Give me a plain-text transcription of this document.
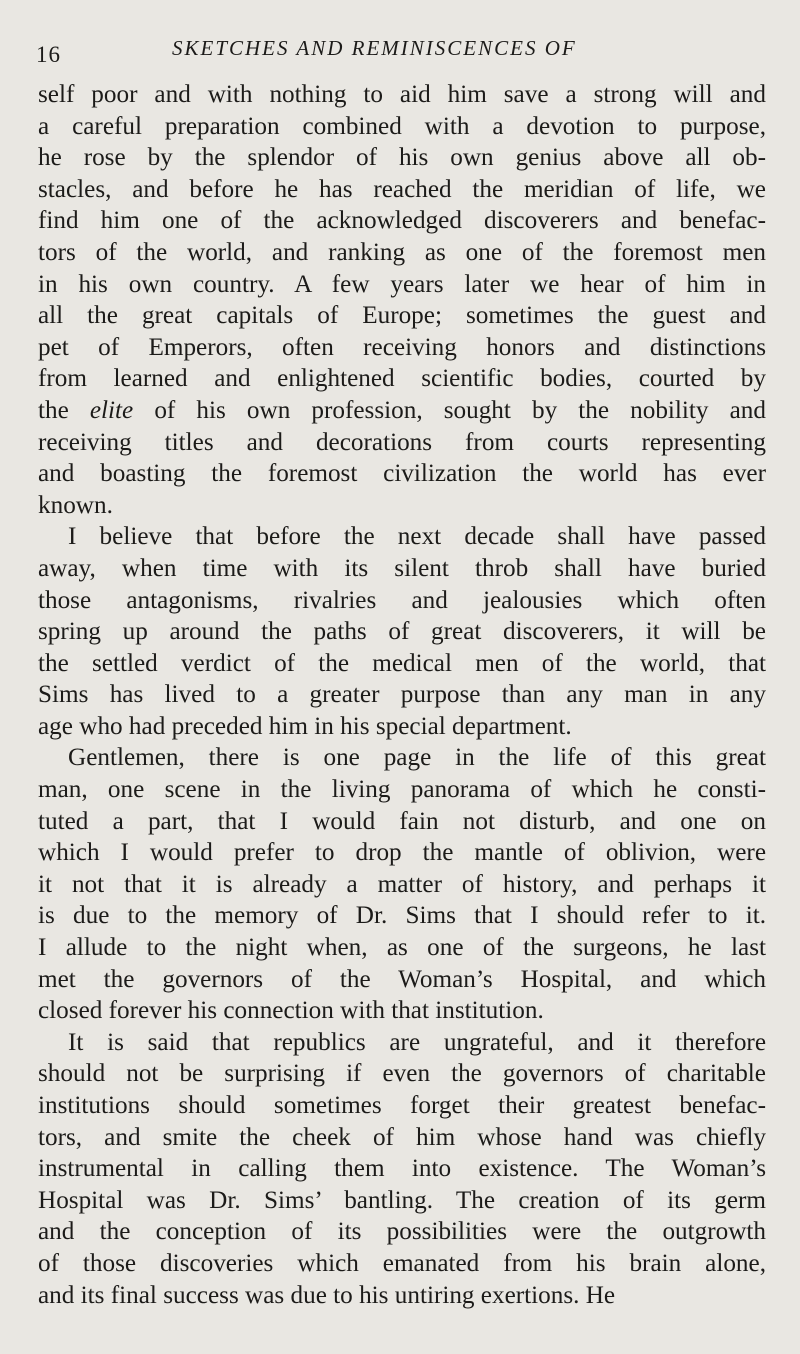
16	SKETCHES AND REMINISCENCES OF
self poor and with nothing to aid him save a strong will and
a careful preparation combined with a devotion to purpose,
he rose by the splendor of his own genius above all ob-
stacles, and before he has reached the meridian of life, we
find him one of the acknowledged discoverers and benefac-
tors of the world, and ranking as one of the foremost men
in his own country. A few years later we hear of him in
all the great capitals of Europe; sometimes the guest and
pet of Emperors, often receiving honors and distinctions
from learned and enlightened scientific bodies, courted by
the elite of his own profession, sought by the nobility and
receiving titles and decorations from courts representing
and boasting the foremost civilization the world has ever
known.
I believe that before the next decade shall have passed
away, when time with its silent throb shall have buried
those antagonisms, rivalries and jealousies which often
spring up around the paths of great discoverers, it will be
the settled verdict of the medical men of the world, that
Sims has lived to a greater purpose than any man in any
age who had preceded him in his special department.
Gentlemen, there is one page in the life of this great
man, one scene in the living panorama of which he consti-
tuted a part, that I would fain not disturb, and one on
which I would prefer to drop the mantle of oblivion, were
it not that it is already a matter of history, and perhaps it
is due to the memory of Dr. Sims that I should refer to it.
I allude to the night when, as one of the surgeons, he last
met the governors of the Woman’s Hospital, and which
closed forever his connection with that institution.
It is said that republics are ungrateful, and it therefore
should not be surprising if even the governors of charitable
institutions should sometimes forget their greatest benefac-
tors, and smite the cheek of him whose hand was chiefly
instrumental in calling them into existence. The Woman’s
Hospital was Dr. Sims’ bantling. The creation of its germ
and the conception of its possibilities were the outgrowth
of those discoveries which emanated from his brain alone,
and its final success was due to his untiring exertions. He
